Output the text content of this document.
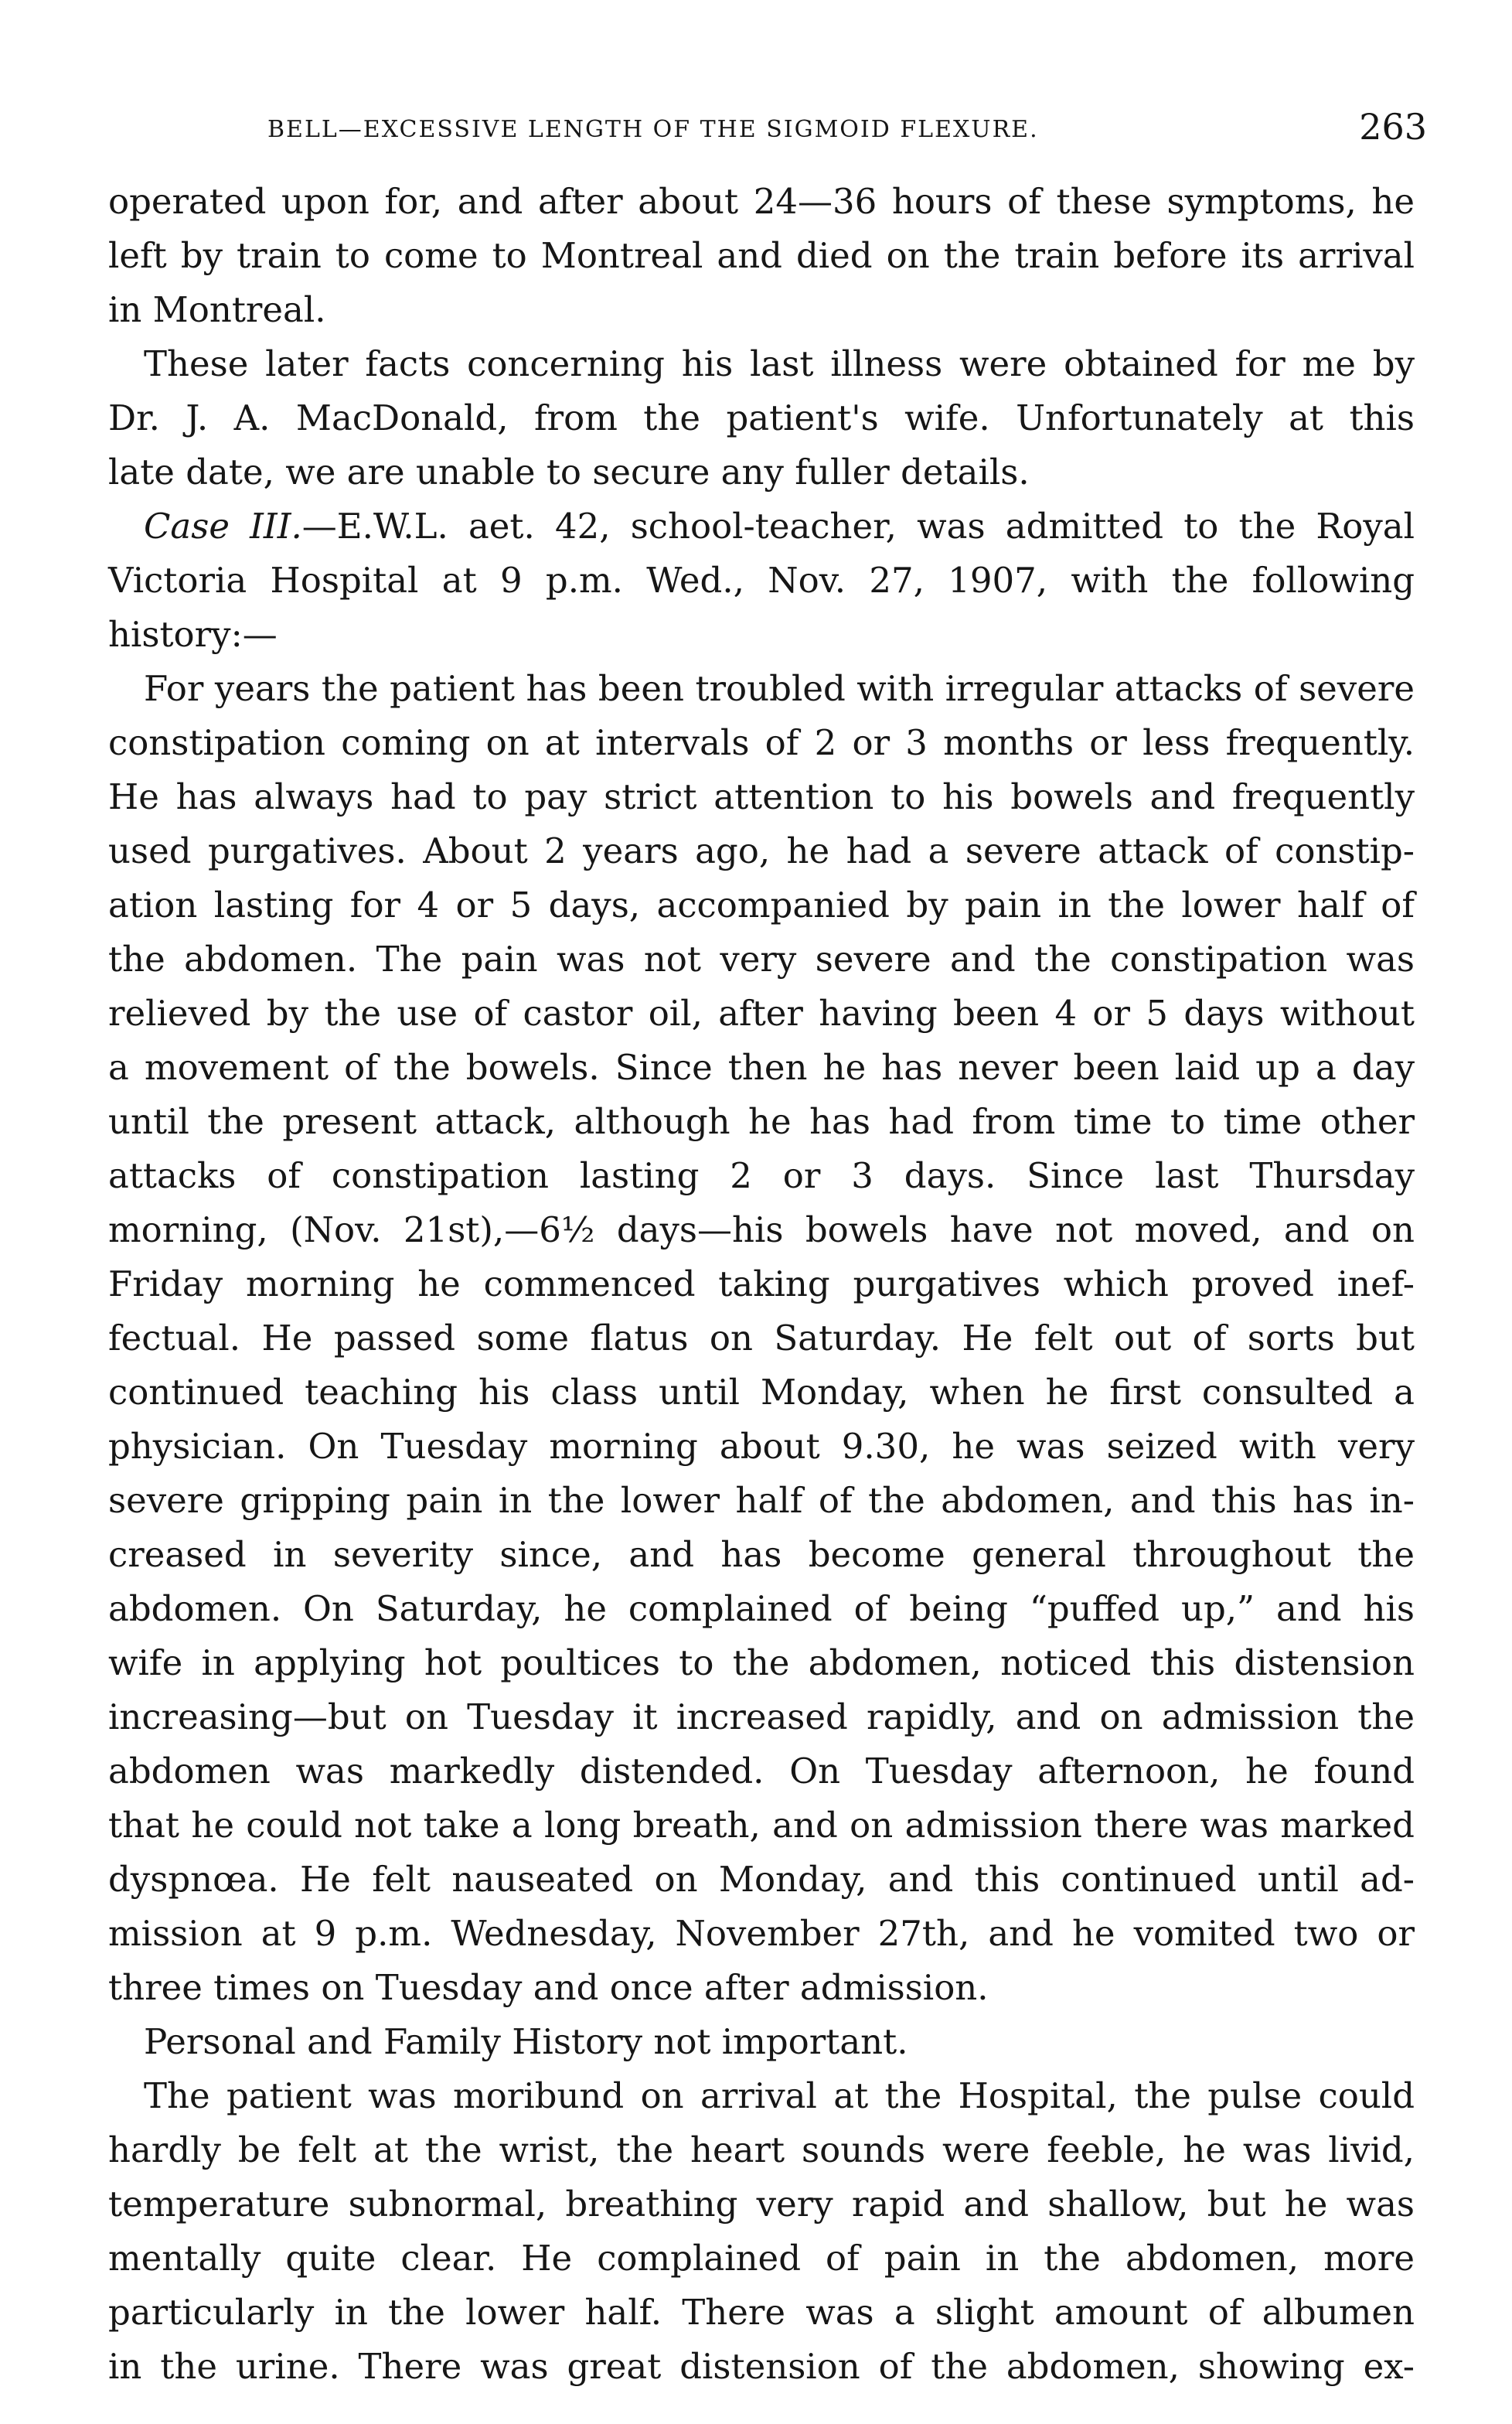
BELL—EXCESSIVE LENGTH OF THE SIGMOID FLEXURE.	263
operated upon for, and after about 24—36 hours of these symptoms, he
left by train to come to Montreal and died on the train before its arrival
in Montreal.
These later facts concerning his last illness were obtained for me by
Dr. J. A. MacDonald, from the patient's wife. Unfortunately at this
late date, we are unable to secure any fuller details.
Case III.—E.W.L. aet. 42, school-teacher, was admitted to the Royal
Victoria Hospital at 9 p.m. Wed., Nov. 27, 1907, with the following
history:—
For years the patient has been troubled with irregular attacks of severe
constipation coming on at intervals of 2 or 3 months or less frequently.
He has always had to pay strict attention to his bowels and frequently
used purgatives. About 2 years ago, he had a severe attack of constip-
ation lasting for 4 or 5 days, accompanied by pain in the lower half of
the abdomen. The pain was not very severe and the constipation was
relieved by the use of castor oil, after having been 4 or 5 days without
a movement of the bowels. Since then he has never been laid up a day
until the present attack, although he has had from time to time other
attacks of constipation lasting 2 or 3 days. Since last Thursday
morning, (Nov. 21st),—6½ days—his bowels have not moved, and on
Friday morning he commenced taking purgatives which proved inef-
fectual. He passed some flatus on Saturday. He felt out of sorts but
continued teaching his class until Monday, when he first consulted a
physician. On Tuesday morning about 9.30, he was seized with very
severe gripping pain in the lower half of the abdomen, and this has in-
creased in severity since, and has become general throughout the
abdomen. On Saturday, he complained of being “puffed up,” and his
wife in applying hot poultices to the abdomen, noticed this distension
increasing—but on Tuesday it increased rapidly, and on admission the
abdomen was markedly distended. On Tuesday afternoon, he found
that he could not take a long breath, and on admission there was marked
dyspnœa. He felt nauseated on Monday, and this continued until ad-
mission at 9 p.m. Wednesday, November 27th, and he vomited two or
three times on Tuesday and once after admission.
Personal and Family History not important.
The patient was moribund on arrival at the Hospital, the pulse could
hardly be felt at the wrist, the heart sounds were feeble, he was livid,
temperature subnormal, breathing very rapid and shallow, but he was
mentally quite clear. He complained of pain in the abdomen, more
particularly in the lower half. There was a slight amount of albumen
in the urine. There was great distension of the abdomen, showing ex-
